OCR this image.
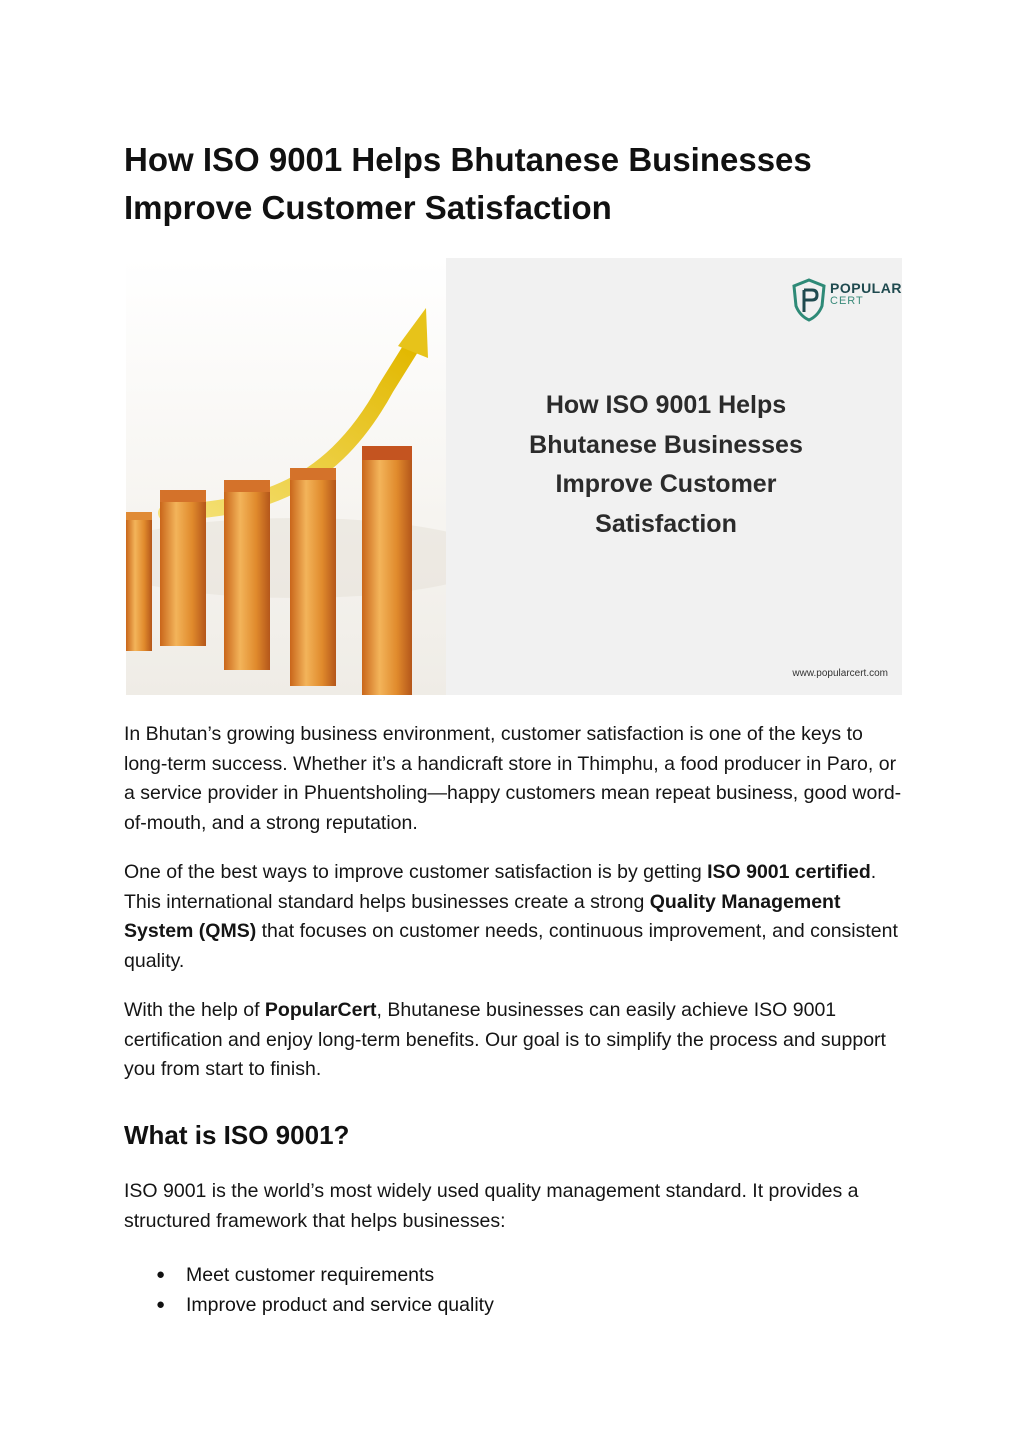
How ISO 9001 Helps Bhutanese Businesses Improve Customer Satisfaction
POPULAR
CERT
How ISO 9001 Helps Bhutanese Businesses Improve Customer Satisfaction
www.popularcert.com

In Bhutan’s growing business environment, customer satisfaction is one of the keys to long-term success. Whether it’s a handicraft store in Thimphu, a food producer in Paro, or a service provider in Phuentsholing—happy customers mean repeat business, good word-of-mouth, and a strong reputation.

One of the best ways to improve customer satisfaction is by getting ISO 9001 certified. This international standard helps businesses create a strong Quality Management System (QMS) that focuses on customer needs, continuous improvement, and consistent quality.

With the help of PopularCert, Bhutanese businesses can easily achieve ISO 9001 certification and enjoy long-term benefits. Our goal is to simplify the process and support you from start to finish.

What is ISO 9001?

ISO 9001 is the world’s most widely used quality management standard. It provides a structured framework that helps businesses:

● Meet customer requirements
● Improve product and service quality
